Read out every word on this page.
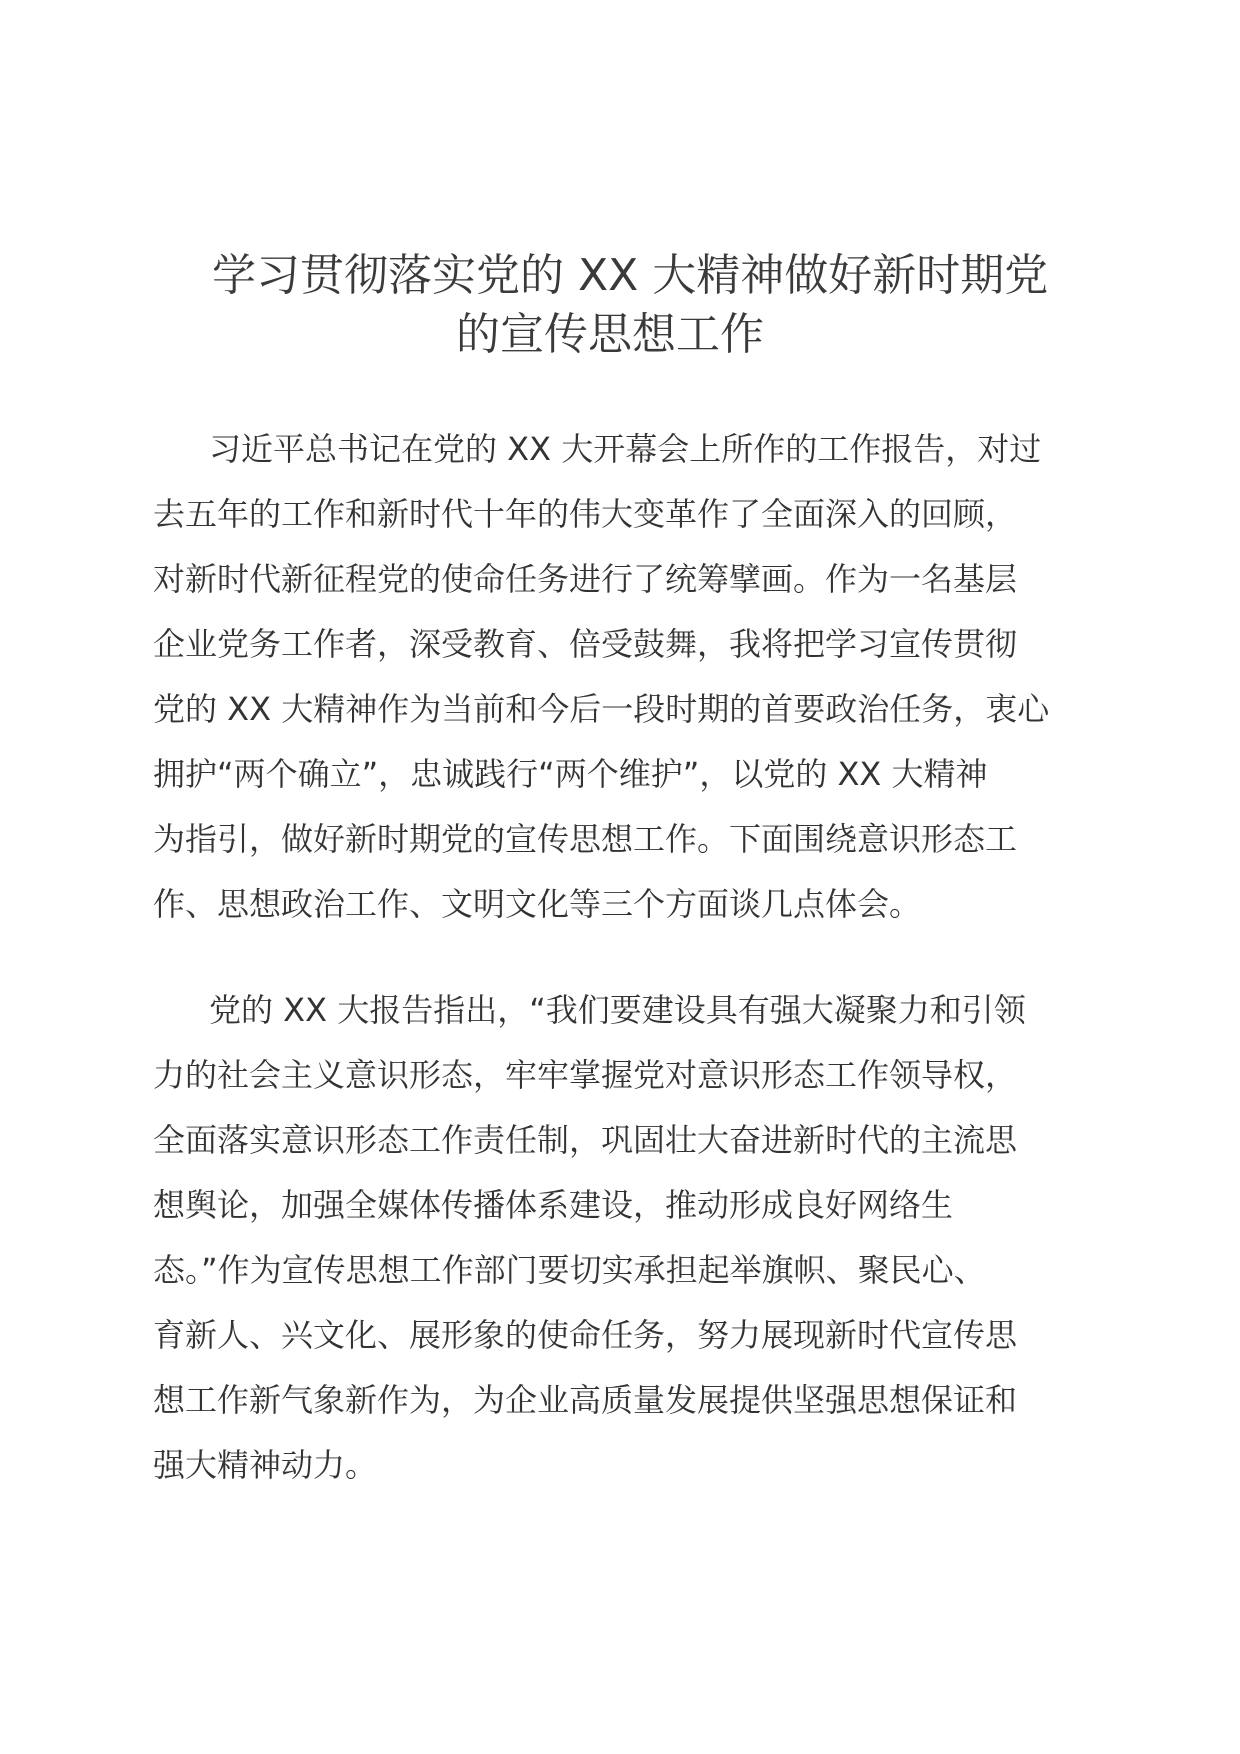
学习贯彻落实党的 XX 大精神做好新时期党
的宣传思想工作
习近平总书记在党的 XX 大开幕会上所作的工作报告，对过
去五年的工作和新时代十年的伟大变革作了全面深入的回顾，
对新时代新征程党的使命任务进行了统筹擘画。作为一名基层
企业党务工作者，深受教育、倍受鼓舞，我将把学习宣传贯彻
党的 XX 大精神作为当前和今后一段时期的首要政治任务，衷心
拥护“两个确立”，忠诚践行“两个维护”，以党的 XX 大精神
为指引，做好新时期党的宣传思想工作。下面围绕意识形态工
作、思想政治工作、文明文化等三个方面谈几点体会。
党的 XX 大报告指出，“我们要建设具有强大凝聚力和引领
力的社会主义意识形态，牢牢掌握党对意识形态工作领导权，
全面落实意识形态工作责任制，巩固壮大奋进新时代的主流思
想舆论，加强全媒体传播体系建设，推动形成良好网络生
态。”作为宣传思想工作部门要切实承担起举旗帜、聚民心、
育新人、兴文化、展形象的使命任务，努力展现新时代宣传思
想工作新气象新作为，为企业高质量发展提供坚强思想保证和
强大精神动力。
